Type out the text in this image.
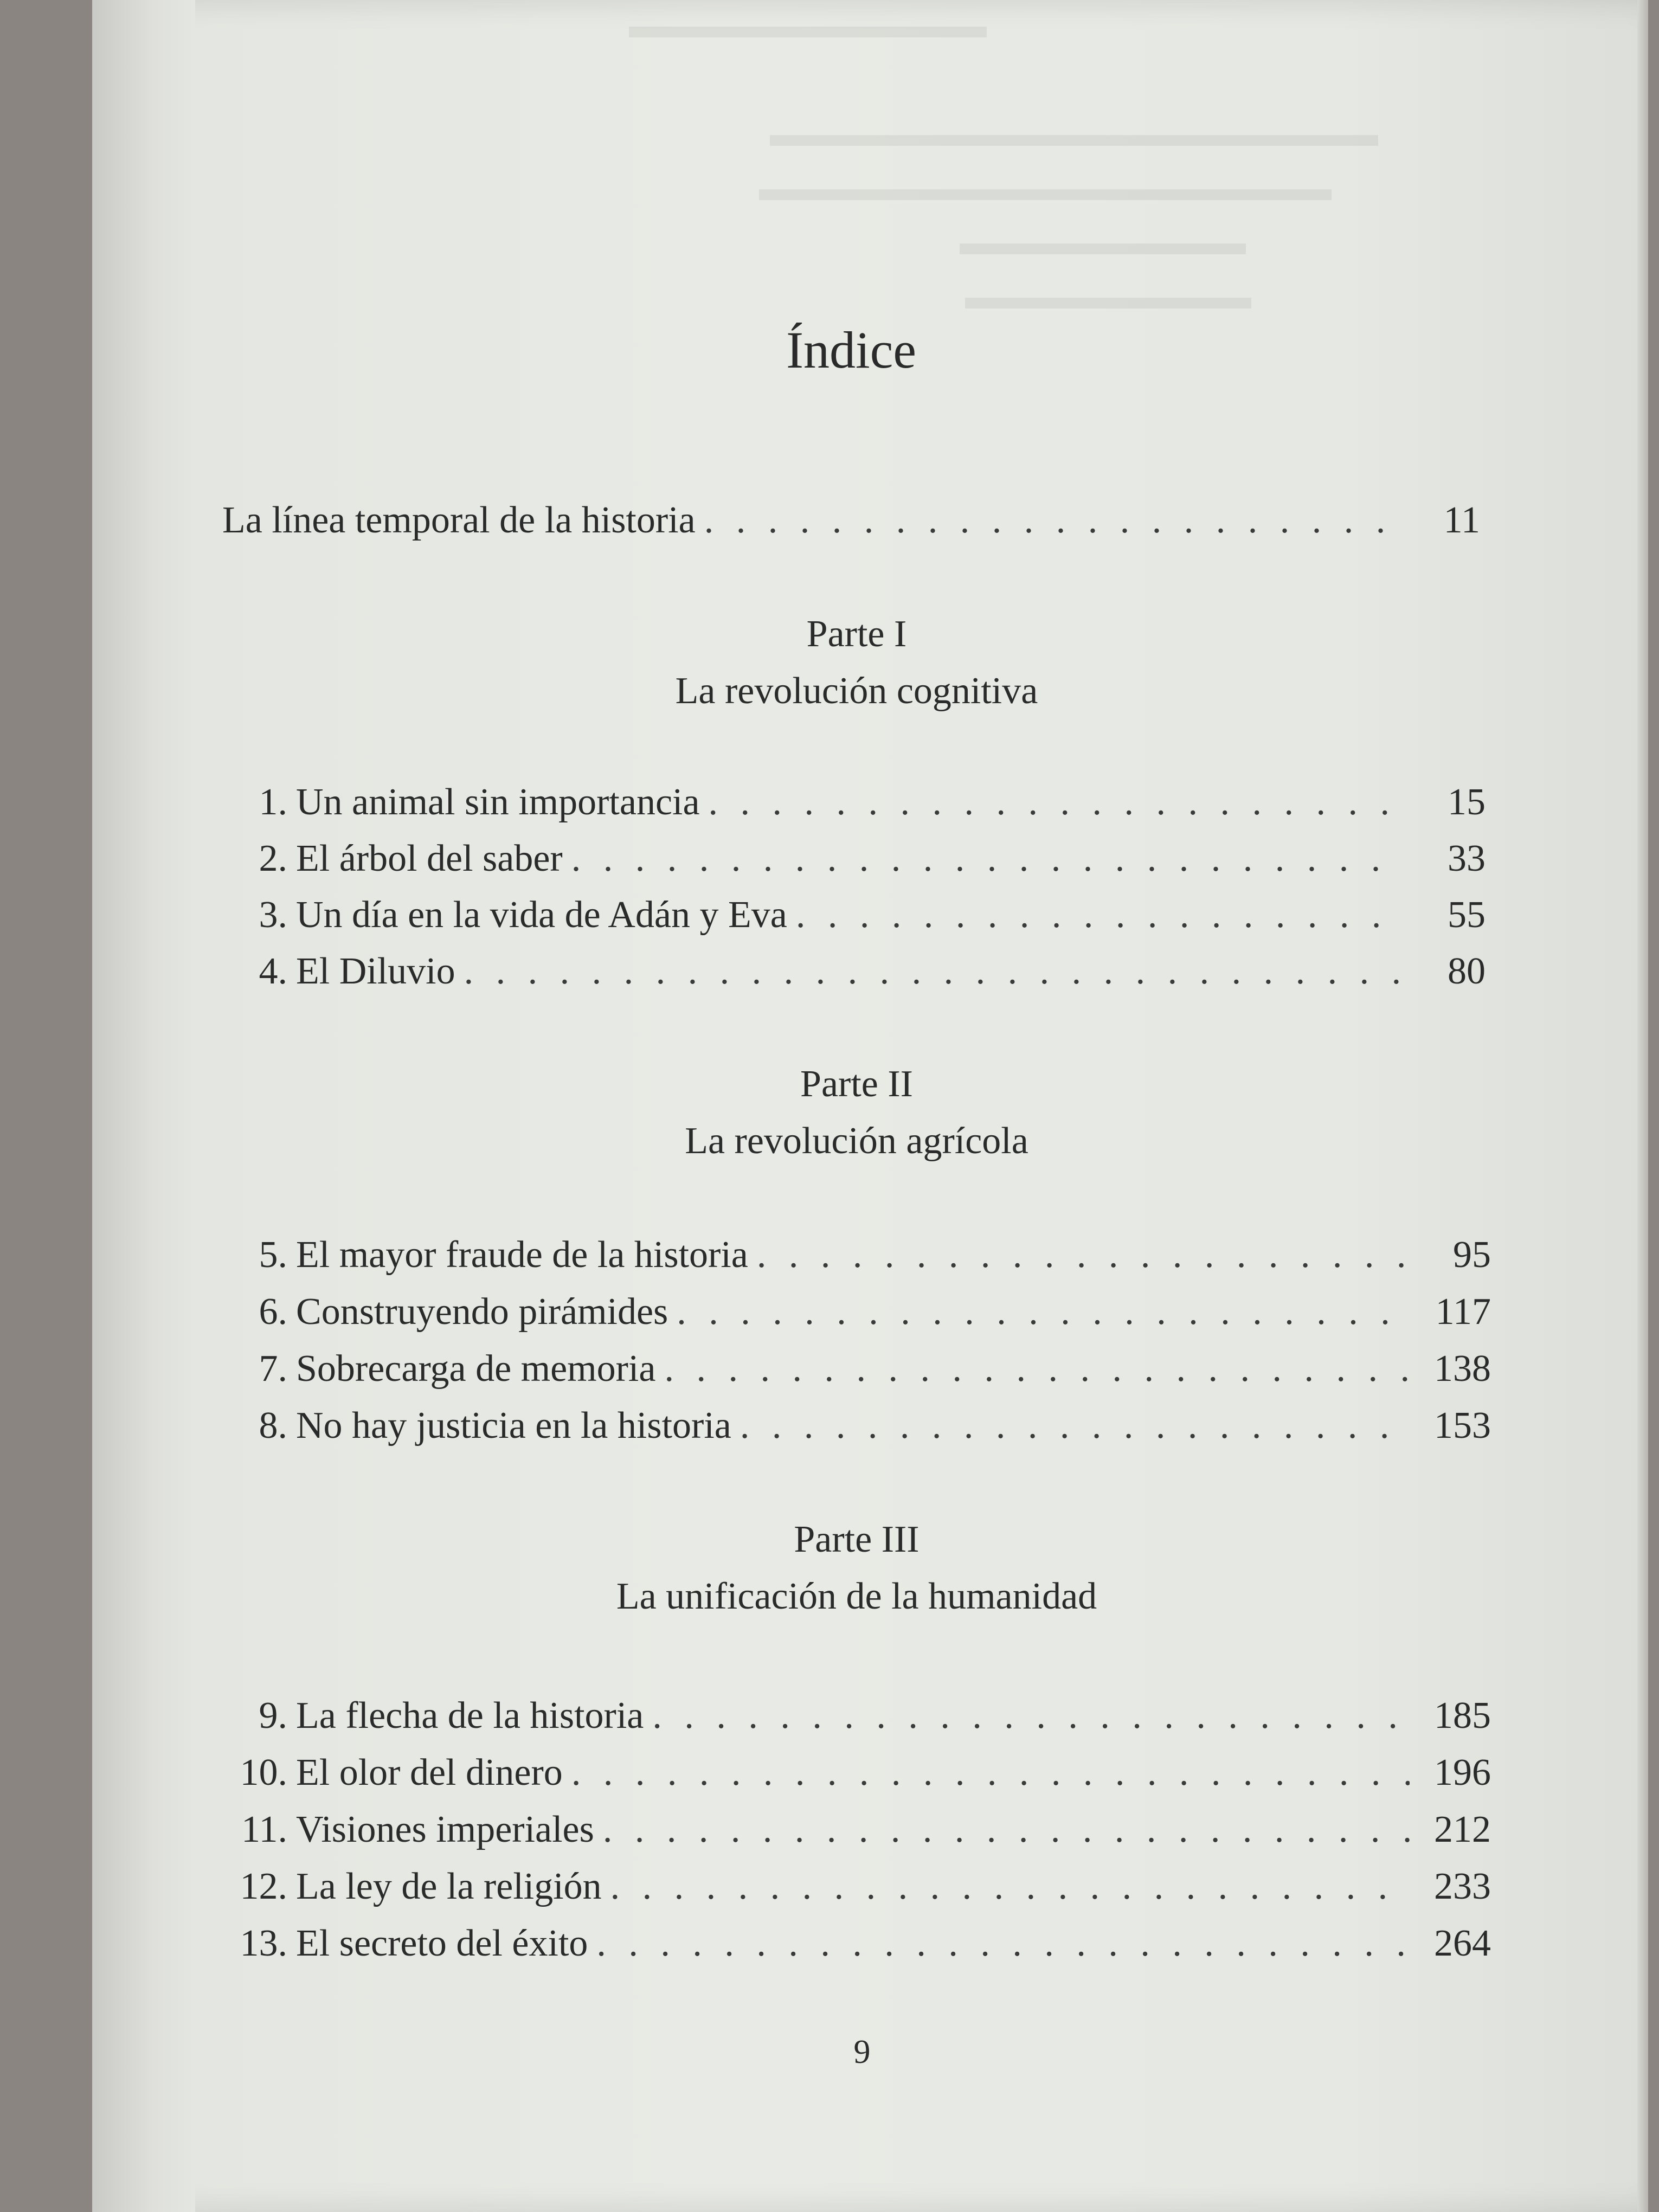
▬▬▬▬▬▬▬▬▬▬
▬▬▬▬▬▬▬▬▬▬▬▬▬▬▬▬▬
▬▬▬▬▬▬▬▬▬▬▬▬▬▬▬▬
▬▬▬▬▬▬▬▬
▬▬▬▬▬▬▬▬
Índice
La línea temporal de la historia . . .	11
Parte I
La revolución cognitiva
1. Un animal sin importancia . . .	15
2. El árbol del saber . . .	33
3. Un día en la vida de Adán y Eva . . .	55
4. El Diluvio . . .	80
Parte II
La revolución agrícola
5. El mayor fraude de la historia . . .	95
6. Construyendo pirámides . . .	117
7. Sobrecarga de memoria . . .	138
8. No hay justicia en la historia . . .	153
Parte III
La unificación de la humanidad
9. La flecha de la historia . . .	185
10. El olor del dinero . . .	196
11. Visiones imperiales . . .	212
12. La ley de la religión . . .	233
13. El secreto del éxito . . .	264
9
